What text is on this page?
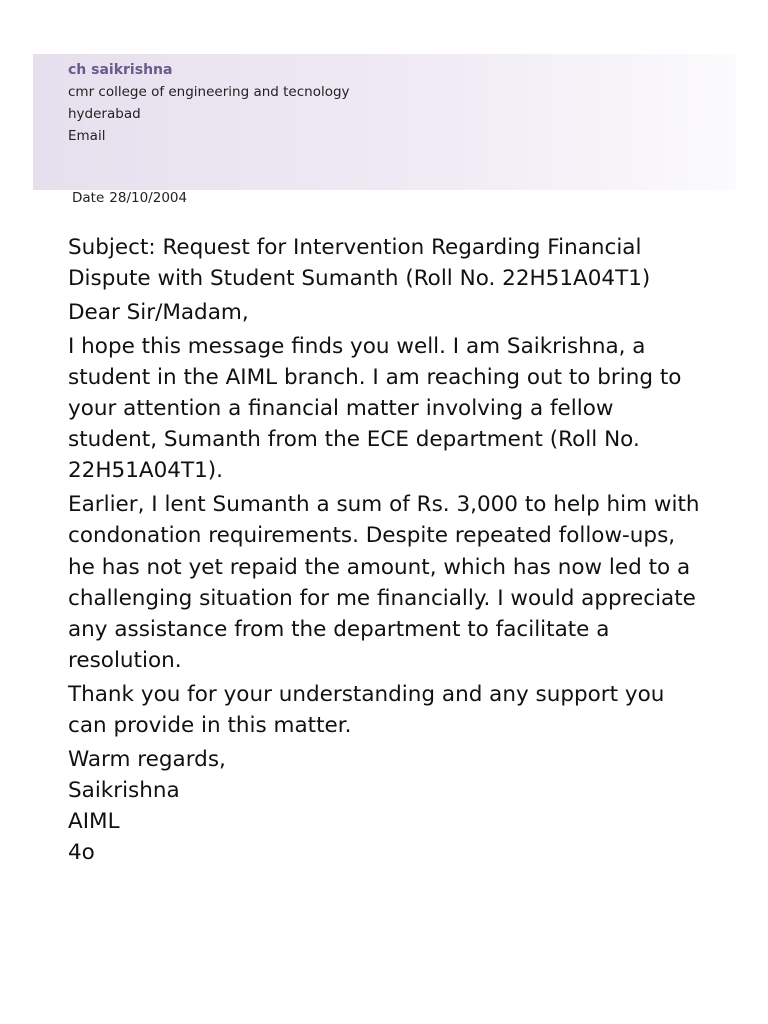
ch saikrishna
cmr college of engineering and tecnology
hyderabad
Email
Date 28/10/2004

Subject: Request for Intervention Regarding Financial Dispute with Student Sumanth (Roll No. 22H51A04T1)

Dear Sir/Madam,

I hope this message finds you well. I am Saikrishna, a student in the AIML branch. I am reaching out to bring to your attention a financial matter involving a fellow student, Sumanth from the ECE department (Roll No. 22H51A04T1).

Earlier, I lent Sumanth a sum of Rs. 3,000 to help him with condonation requirements. Despite repeated follow-ups, he has not yet repaid the amount, which has now led to a challenging situation for me financially. I would appreciate any assistance from the department to facilitate a resolution.

Thank you for your understanding and any support you can provide in this matter.

Warm regards,
Saikrishna
AIML
4o
